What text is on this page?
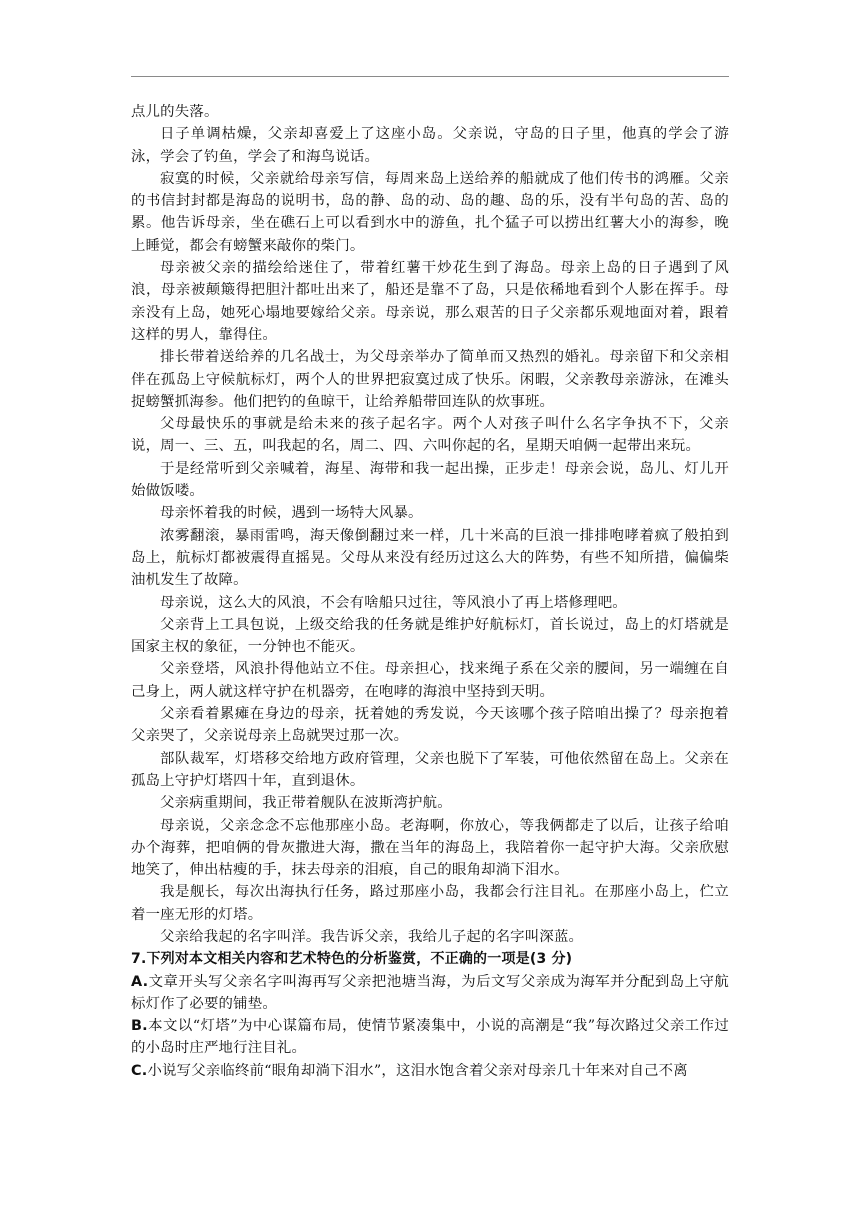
点儿的失落。

日子单调枯燥，父亲却喜爱上了这座小岛。父亲说，守岛的日子里，他真的学会了游泳，学会了钓鱼，学会了和海鸟说话。

寂寞的时候，父亲就给母亲写信，每周来岛上送给养的船就成了他们传书的鸿雁。父亲的书信封封都是海岛的说明书，岛的静、岛的动、岛的趣、岛的乐，没有半句岛的苦、岛的累。他告诉母亲，坐在礁石上可以看到水中的游鱼，扎个猛子可以捞出红薯大小的海参，晚上睡觉，都会有螃蟹来敲你的柴门。

母亲被父亲的描绘给迷住了，带着红薯干炒花生到了海岛。母亲上岛的日子遇到了风浪，母亲被颠簸得把胆汁都吐出来了，船还是靠不了岛，只是依稀地看到个人影在挥手。母亲没有上岛，她死心塌地要嫁给父亲。母亲说，那么艰苦的日子父亲都乐观地面对着，跟着这样的男人，靠得住。

排长带着送给养的几名战士，为父母亲举办了简单而又热烈的婚礼。母亲留下和父亲相伴在孤岛上守候航标灯，两个人的世界把寂寞过成了快乐。闲暇，父亲教母亲游泳，在滩头捉螃蟹抓海参。他们把钓的鱼晾干，让给养船带回连队的炊事班。

父母最快乐的事就是给未来的孩子起名字。两个人对孩子叫什么名字争执不下，父亲说，周一、三、五，叫我起的名，周二、四、六叫你起的名，星期天咱俩一起带出来玩。

于是经常听到父亲喊着，海星、海带和我一起出操，正步走！母亲会说，岛儿、灯儿开始做饭喽。

母亲怀着我的时候，遇到一场特大风暴。

浓雾翻滚，暴雨雷鸣，海天像倒翻过来一样，几十米高的巨浪一排排咆哮着疯了般拍到岛上，航标灯都被震得直摇晃。父母从来没有经历过这么大的阵势，有些不知所措，偏偏柴油机发生了故障。

母亲说，这么大的风浪，不会有啥船只过往，等风浪小了再上塔修理吧。

父亲背上工具包说，上级交给我的任务就是维护好航标灯，首长说过，岛上的灯塔就是国家主权的象征，一分钟也不能灭。

父亲登塔，风浪扑得他站立不住。母亲担心，找来绳子系在父亲的腰间，另一端缠在自己身上，两人就这样守护在机器旁，在咆哮的海浪中坚持到天明。

父亲看着累瘫在身边的母亲，抚着她的秀发说，今天该哪个孩子陪咱出操了？母亲抱着父亲哭了，父亲说母亲上岛就哭过那一次。

部队裁军，灯塔移交给地方政府管理，父亲也脱下了军装，可他依然留在岛上。父亲在孤岛上守护灯塔四十年，直到退休。

父亲病重期间，我正带着舰队在波斯湾护航。

母亲说，父亲念念不忘他那座小岛。老海啊，你放心，等我俩都走了以后，让孩子给咱办个海葬，把咱俩的骨灰撒进大海，撒在当年的海岛上，我陪着你一起守护大海。父亲欣慰地笑了，伸出枯瘦的手，抹去母亲的泪痕，自己的眼角却淌下泪水。

我是舰长，每次出海执行任务，路过那座小岛，我都会行注目礼。在那座小岛上，伫立着一座无形的灯塔。

父亲给我起的名字叫洋。我告诉父亲，我给儿子起的名字叫深蓝。

7.下列对本文相关内容和艺术特色的分析鉴赏，不正确的一项是(3 分)

A.文章开头写父亲名字叫海再写父亲把池塘当海，为后文写父亲成为海军并分配到岛上守航标灯作了必要的铺垫。

B.本文以“灯塔”为中心谋篇布局，使情节紧凑集中，小说的高潮是“我”每次路过父亲工作过的小岛时庄严地行注目礼。

C.小说写父亲临终前“眼角却淌下泪水”，这泪水饱含着父亲对母亲几十年来对自己不离
